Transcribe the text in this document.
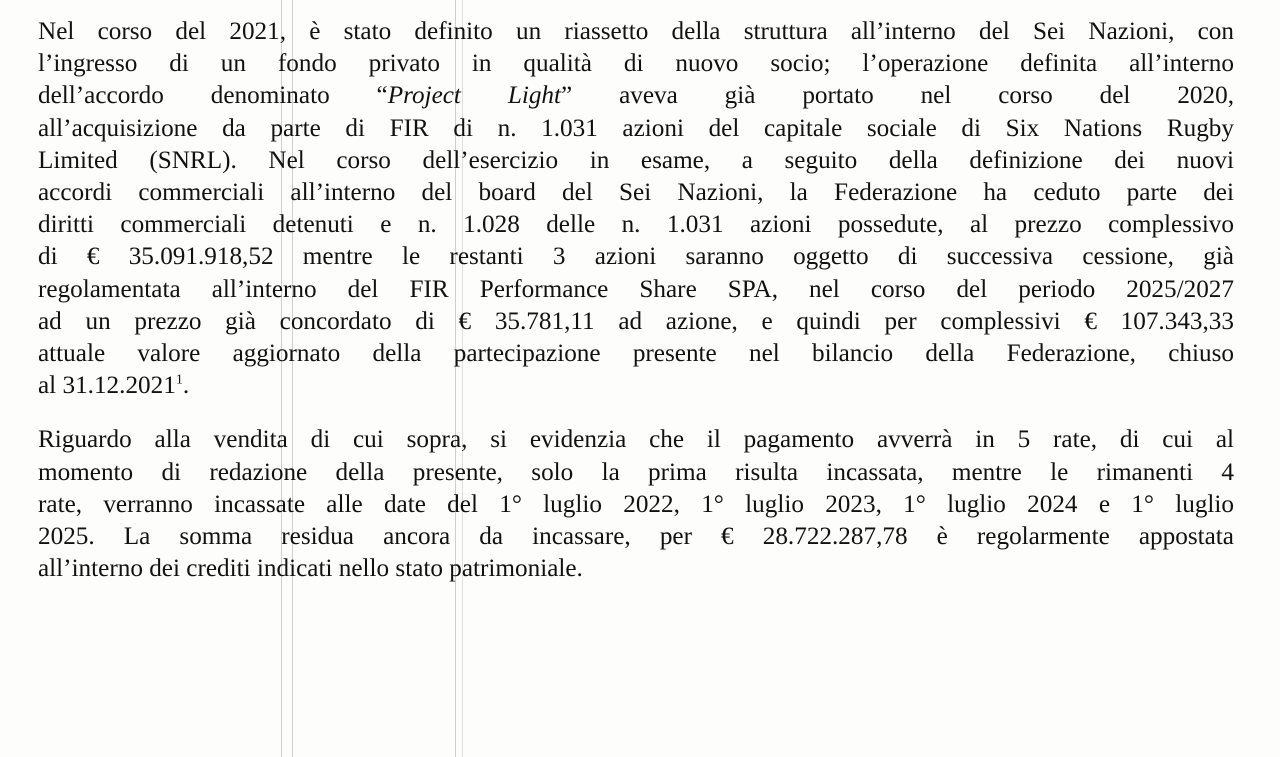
Nel corso del 2021, è stato definito un riassetto della struttura all’interno del Sei Nazioni, con
l’ingresso di un fondo privato in qualità di nuovo socio; l’operazione definita all’interno
dell’accordo denominato “Project Light” aveva già portato nel corso del 2020,
all’acquisizione da parte di FIR di n. 1.031 azioni del capitale sociale di Six Nations Rugby
Limited (SNRL). Nel corso dell’esercizio in esame, a seguito della definizione dei nuovi
accordi commerciali all’interno del board del Sei Nazioni, la Federazione ha ceduto parte dei
diritti commerciali detenuti e n. 1.028 delle n. 1.031 azioni possedute, al prezzo complessivo
di € 35.091.918,52 mentre le restanti 3 azioni saranno oggetto di successiva cessione, già
regolamentata all’interno del FIR Performance Share SPA, nel corso del periodo 2025/2027
ad un prezzo già concordato di € 35.781,11 ad azione, e quindi per complessivi € 107.343,33
attuale valore aggiornato della partecipazione presente nel bilancio della Federazione, chiuso
al 31.12.2021$^1$.

Riguardo alla vendita di cui sopra, si evidenzia che il pagamento avverrà in 5 rate, di cui al
momento di redazione della presente, solo la prima risulta incassata, mentre le rimanenti 4
rate, verranno incassate alle date del 1° luglio 2022, 1° luglio 2023, 1° luglio 2024 e 1° luglio
2025. La somma residua ancora da incassare, per € 28.722.287,78 è regolarmente appostata
all’interno dei crediti indicati nello stato patrimoniale.
